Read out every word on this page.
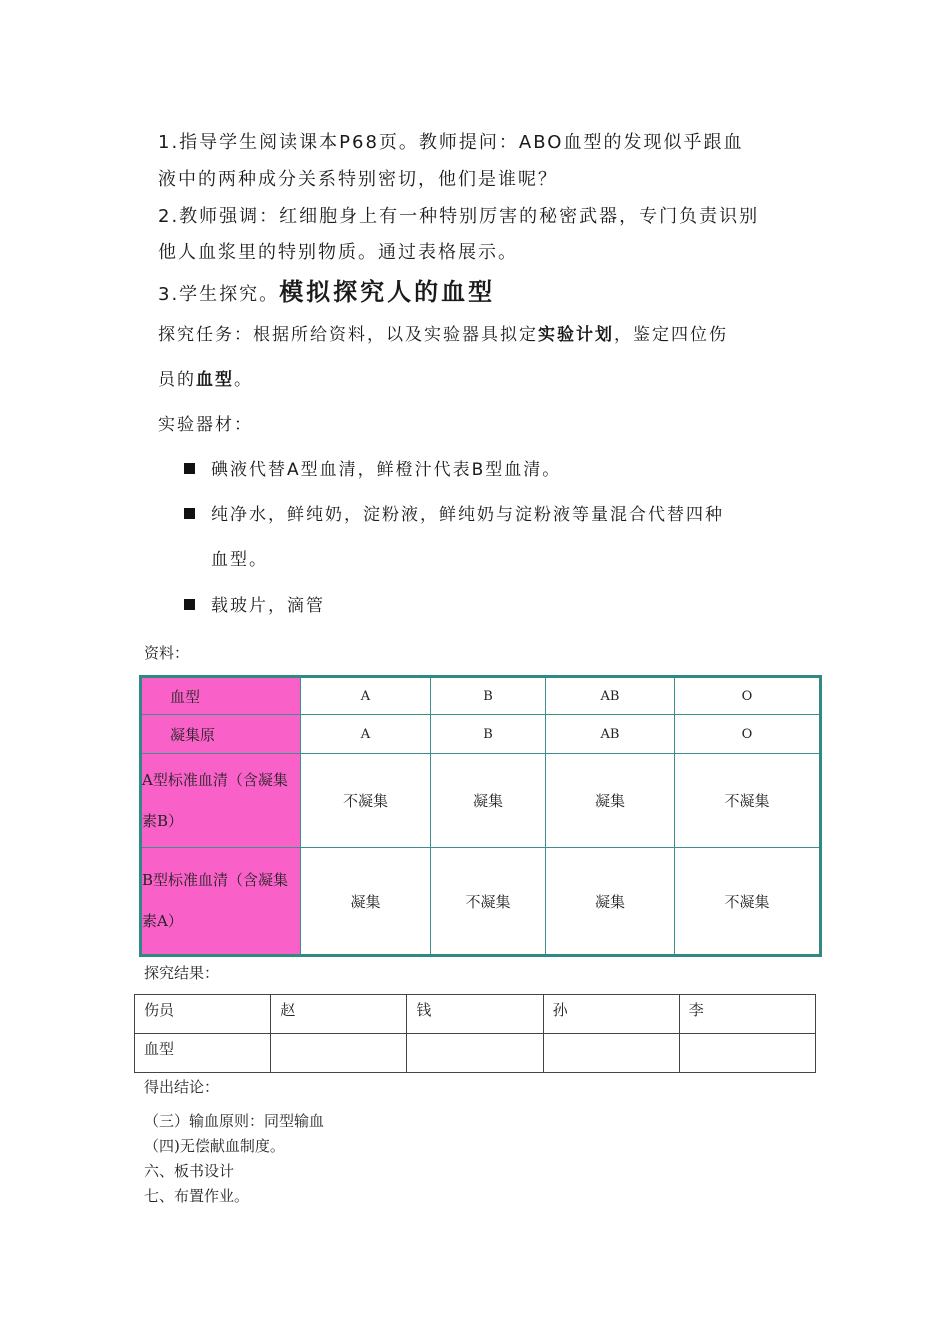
1.指导学生阅读课本P68页。教师提问：ABO血型的发现似乎跟血
液中的两种成分关系特别密切，他们是谁呢？
2.教师强调：红细胞身上有一种特别厉害的秘密武器，专门负责识别
他人血浆里的特别物质。通过表格展示。
3.学生探究。模拟探究人的血型
探究任务：根据所给资料，以及实验器具拟定实验计划，鉴定四位伤
员的血型。
实验器材：
碘液代替A型血清，鲜橙汁代表B型血清。
纯净水，鲜纯奶，淀粉液，鲜纯奶与淀粉液等量混合代替四种
血型。
载玻片，滴管
资料：
血型	A	B	AB	O
凝集原	A	B	AB	O
A型标准血清（含凝集素B）	不凝集	凝集	凝集	不凝集
B型标准血清（含凝集素A）	凝集	不凝集	凝集	不凝集
探究结果：
伤员	赵	钱	孙	李
血型				
得出结论：
（三）输血原则：同型输血
（四)无偿献血制度。
六、板书设计
七、布置作业。
